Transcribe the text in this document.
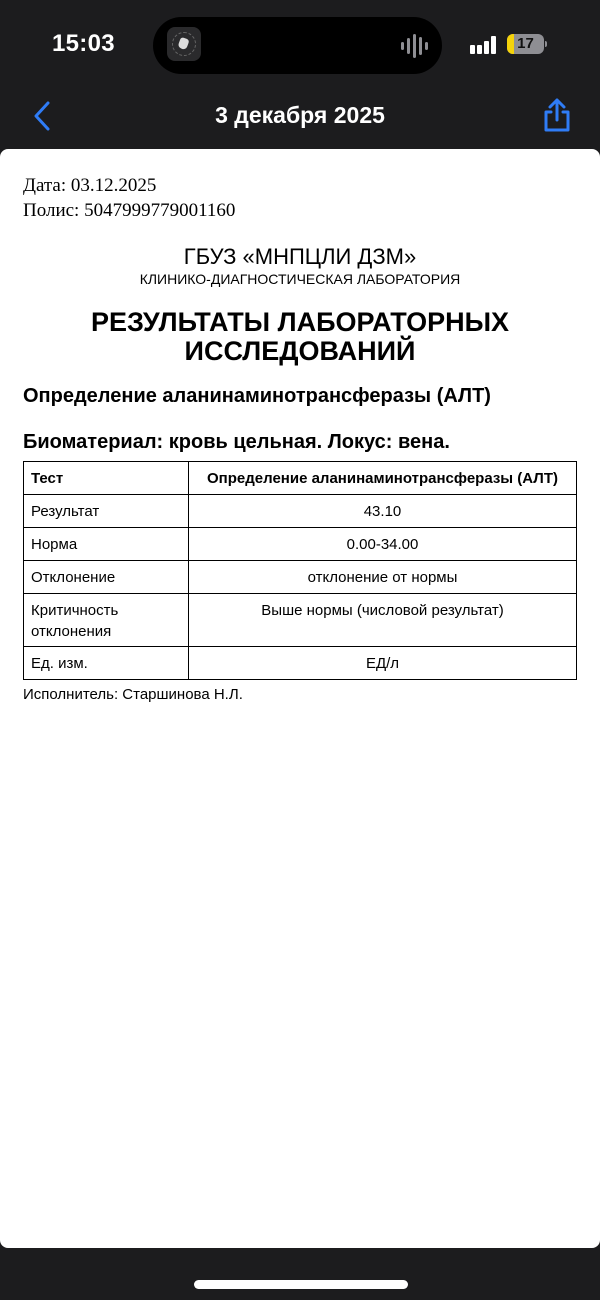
15:03	17
3 декабря 2025
Дата: 03.12.2025
Полис: 5047999779001160
ГБУЗ «МНПЦЛИ ДЗМ»
КЛИНИКО-ДИАГНОСТИЧЕСКАЯ ЛАБОРАТОРИЯ
РЕЗУЛЬТАТЫ ЛАБОРАТОРНЫХ
ИССЛЕДОВАНИЙ
Определение аланинаминотрансферазы (АЛТ)
Биоматериал: кровь цельная. Локус: вена.
Тест	Определение аланинаминотрансферазы (АЛТ)
Результат	43.10
Норма	0.00-34.00
Отклонение	отклонение от нормы

Критичность
отклонения	Выше нормы (числовой результат)
Ед. изм.	ЕД/л
Исполнитель: Старшинова Н.Л.
